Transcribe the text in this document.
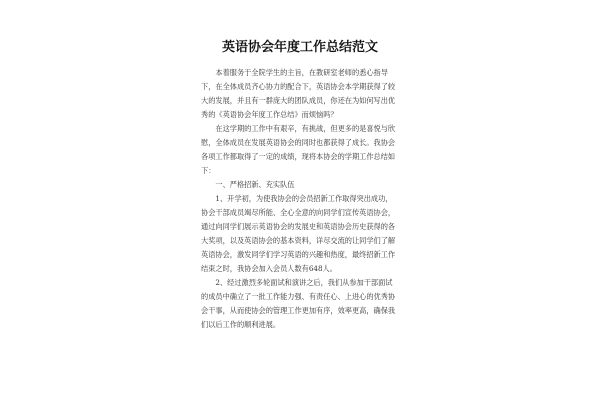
英语协会年度工作总结范文

本着服务于全院学生的主旨，在教研室老师的悉心指导下，在全体成员齐心协力的配合下，英语协会本学期获得了较大的发展，并且有一群庞大的团队成员，你还在为如何写出优秀的《英语协会年度工作总结》而烦恼吗？

在这学期的工作中有艰辛，有挑战，但更多的是喜悦与欣慰，全体成员在发展英语协会的同时也都获得了成长。我协会各项工作都取得了一定的成绩，现将本协会的学期工作总结如下：

一、严格招新、充实队伍

1、开学初，为使我协会的会员招新工作取得突出成功，协会干部成员竭尽所能、全心全意的向同学们宣传英语协会，通过向同学们展示英语协会的发展史和英语协会历史获得的各大奖项，以及英语协会的基本资料，详尽交流的让同学们了解英语协会，激发同学们学习英语的兴趣和热度，最终招新工作结束之时，我协会加入会员人数有648人。

2、经过激烈多轮面试和演讲之后，我们从参加干部面试的成员中确立了一批工作能力强、有责任心、上进心的优秀协会干事，从而使协会的管理工作更加有序，效率更高，确保我们以后工作的顺利进展。
